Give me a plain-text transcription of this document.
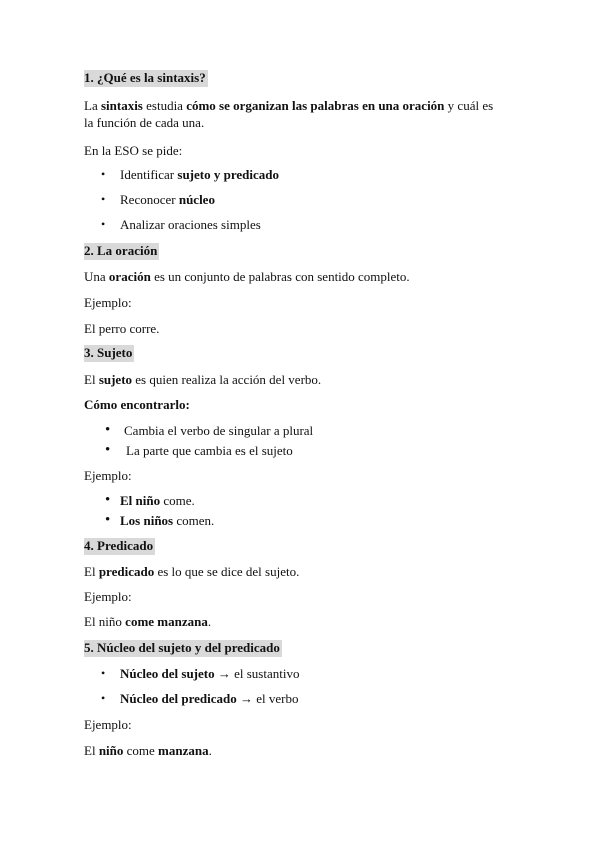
1. ¿Qué es la sintaxis?
La sintaxis estudia cómo se organizan las palabras en una oración y cuál es la función de cada una.
En la ESO se pide:
• Identificar sujeto y predicado
• Reconocer núcleo
• Analizar oraciones simples
2. La oración
Una oración es un conjunto de palabras con sentido completo.
Ejemplo:
El perro corre.
3. Sujeto
El sujeto es quien realiza la acción del verbo.
Cómo encontrarlo:
• Cambia el verbo de singular a plural
• La parte que cambia es el sujeto
Ejemplo:
• El niño come.
• Los niños comen.
4. Predicado
El predicado es lo que se dice del sujeto.
Ejemplo:
El niño come manzana.
5. Núcleo del sujeto y del predicado
• Núcleo del sujeto → el sustantivo
• Núcleo del predicado → el verbo
Ejemplo:
El niño come manzana.
